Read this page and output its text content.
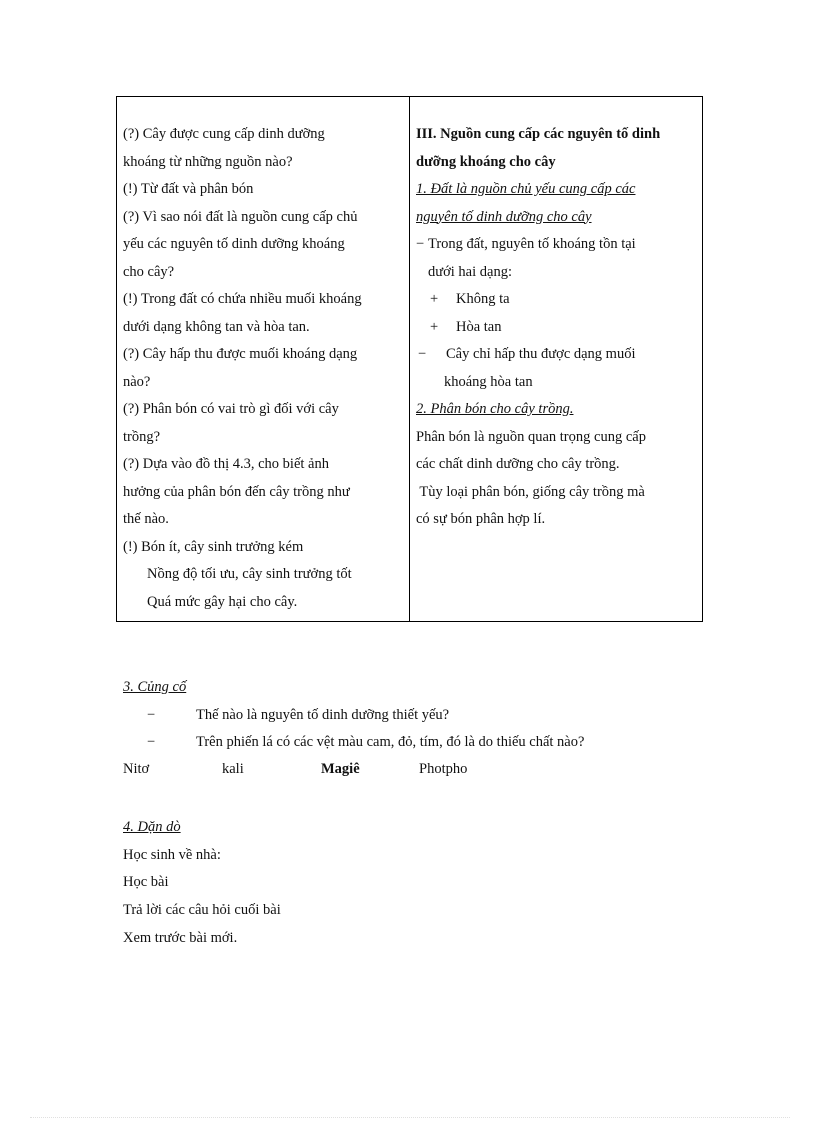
(?) Cây được cung cấp dinh dưỡng
khoáng từ những nguồn nào?
(!) Từ đất và phân bón
(?) Vì sao nói đất là nguồn cung cấp chủ
yếu các nguyên tố dinh dưỡng khoáng
cho cây?
(!) Trong đất có chứa nhiều muối khoáng
dưới dạng không tan và hòa tan.
(?) Cây hấp thu được muối khoáng dạng
nào?
(?) Phân bón có vai trò gì đối với cây
trồng?
(?) Dựa vào đồ thị 4.3, cho biết ảnh
hưởng của phân bón đến cây trồng như
thế nào.
(!) Bón ít, cây sinh trưởng kém
Nồng độ tối ưu, cây sinh trưởng tốt
Quá mức gây hại cho cây.

III. Nguồn cung cấp các nguyên tố dinh
dưỡng khoáng cho cây
1. Đất là nguồn chủ yếu cung cấp các
nguyên tố dinh dưỡng cho cây
− Trong đất, nguyên tố khoáng tồn tại
dưới hai dạng:
+	Không ta
+	Hòa tan
−	Cây chỉ hấp thu được dạng muối
khoáng hòa tan
2. Phân bón cho cây trồng.
Phân bón là nguồn quan trọng cung cấp
các chất dinh dưỡng cho cây trồng.
Tùy loại phân bón, giống cây trồng mà
có sự bón phân hợp lí.
3. Củng cố
−	Thế nào là nguyên tố dinh dưỡng thiết yếu?
−	Trên phiến lá có các vệt màu cam, đỏ, tím, đó là do thiếu chất nào?
Nitơ	kali	Magiê	Photpho
4. Dặn dò
Học sinh về nhà:
Học bài
Trả lời các câu hỏi cuối bài
Xem trước bài mới.
